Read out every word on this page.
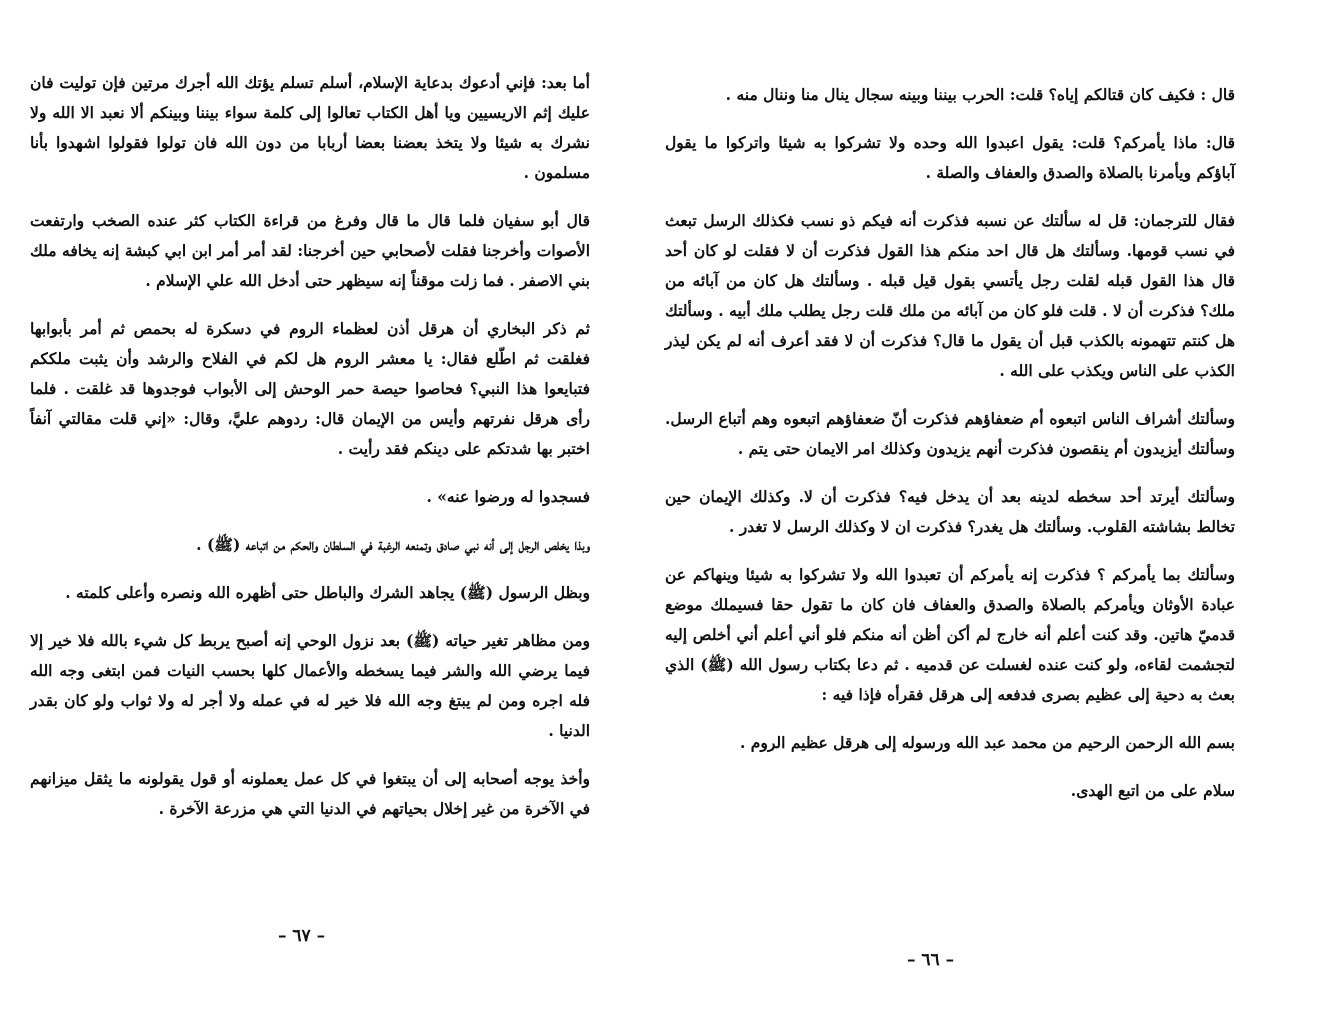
أما بعد: فإني أدعوك بدعاية الإسلام، أسلم تسلم يؤتك الله أجرك مرتين فإن توليت فان عليك إثم الاريسيين ويا أهل الكتاب تعالوا إلى كلمة سواء بيننا وبينكم ألا نعبد الا الله ولا نشرك به شيئا ولا يتخذ بعضنا بعضا أربابا من دون الله فان تولوا فقولوا اشهدوا بأنا مسلمون .

قال أبو سفيان فلما قال ما قال وفرغ من قراءة الكتاب كثر عنده الصخب وارتفعت الأصوات وأخرجنا فقلت لأصحابي حين أخرجنا: لقد أمر أمر ابن ابي كبشة إنه يخافه ملك بني الاصفر . فما زلت موقناً إنه سيظهر حتى أدخل الله علي الإسلام .

ثم ذكر البخاري أن هرقل أذن لعظماء الروم في دسكرة له بحمص ثم أمر بأبوابها فغلقت ثم اطّلع فقال: يا معشر الروم هل لكم في الفلاح والرشد وأن يثبت ملككم فتبايعوا هذا النبي؟ فحاصوا حيصة حمر الوحش إلى الأبواب فوجدوها قد غلقت . فلما رأى هرقل نفرتهم وأيس من الإيمان قال: ردوهم عليَّ، وقال: «إني قلت مقالتي آنفاً اختبر بها شدتكم على دينكم فقد رأيت .

فسجدوا له ورضوا عنه» .

وبذا يخلص الرجل إلى أنه نبي صادق وتمنعه الرغبة في السلطان والحكم من اتباعه (ﷺ) .

وبظل الرسول (ﷺ) يجاهد الشرك والباطل حتى أظهره الله ونصره وأعلى كلمته .

ومن مظاهر تغير حياته (ﷺ) بعد نزول الوحي إنه أصبح يربط كل شيء بالله فلا خير إلا فيما يرضي الله والشر فيما يسخطه والأعمال كلها بحسب النيات فمن ابتغى وجه الله فله اجره ومن لم يبتغ وجه الله فلا خير له في عمله ولا أجر له ولا ثواب ولو كان بقدر الدنيا .

وأخذ يوجه أصحابه إلى أن يبتغوا في كل عمل يعملونه أو قول يقولونه ما يثقل ميزانهم في الآخرة من غير إخلال بحياتهم في الدنيا التي هي مزرعة الآخرة .

– ٦٧ –

قال : فكيف كان قتالكم إياه؟ قلت: الحرب بيننا وبينه سجال ينال منا وننال منه .

قال: ماذا يأمركم؟ قلت: يقول اعبدوا الله وحده ولا تشركوا به شيئا واتركوا ما يقول آباؤكم ويأمرنا بالصلاة والصدق والعفاف والصلة .

فقال للترجمان: قل له سألتك عن نسبه فذكرت أنه فيكم ذو نسب فكذلك الرسل تبعث في نسب قومها. وسألتك هل قال احد منكم هذا القول فذكرت أن لا فقلت لو كان أحد قال هذا القول قبله لقلت رجل يأتسي بقول قيل قبله . وسألتك هل كان من آبائه من ملك؟ فذكرت أن لا . قلت فلو كان من آبائه من ملك قلت رجل يطلب ملك أبيه . وسألتك هل كنتم تتهمونه بالكذب قبل أن يقول ما قال؟ فذكرت أن لا فقد أعرف أنه لم يكن ليذر الكذب على الناس ويكذب على الله .

وسألتك أشراف الناس اتبعوه أم ضعفاؤهم فذكرت أنّ ضعفاؤهم اتبعوه وهم أتباع الرسل. وسألتك أيزيدون أم ينقصون فذكرت أنهم يزيدون وكذلك امر الايمان حتى يتم .

وسألتك أيرتد أحد سخطه لدينه بعد أن يدخل فيه؟ فذكرت أن لا. وكذلك الإيمان حين تخالط بشاشته القلوب. وسألتك هل يغدر؟ فذكرت ان لا وكذلك الرسل لا تغدر .

وسألتك بما يأمركم ؟ فذكرت إنه يأمركم أن تعبدوا الله ولا تشركوا به شيئا وينهاكم عن عبادة الأوثان ويأمركم بالصلاة والصدق والعفاف فان كان ما تقول حقا فسيملك موضع قدميّ هاتين. وقد كنت أعلم أنه خارج لم أكن أظن أنه منكم فلو أني أعلم أني أخلص إليه لتجشمت لقاءه، ولو كنت عنده لغسلت عن قدميه . ثم دعا بكتاب رسول الله (ﷺ) الذي بعث به دحية إلى عظيم بصرى فدفعه إلى هرقل فقرأه فإذا فيه :

بسم الله الرحمن الرحيم من محمد عبد الله ورسوله إلى هرقل عظيم الروم .

سلام على من اتبع الهدى.

– ٦٦ –
